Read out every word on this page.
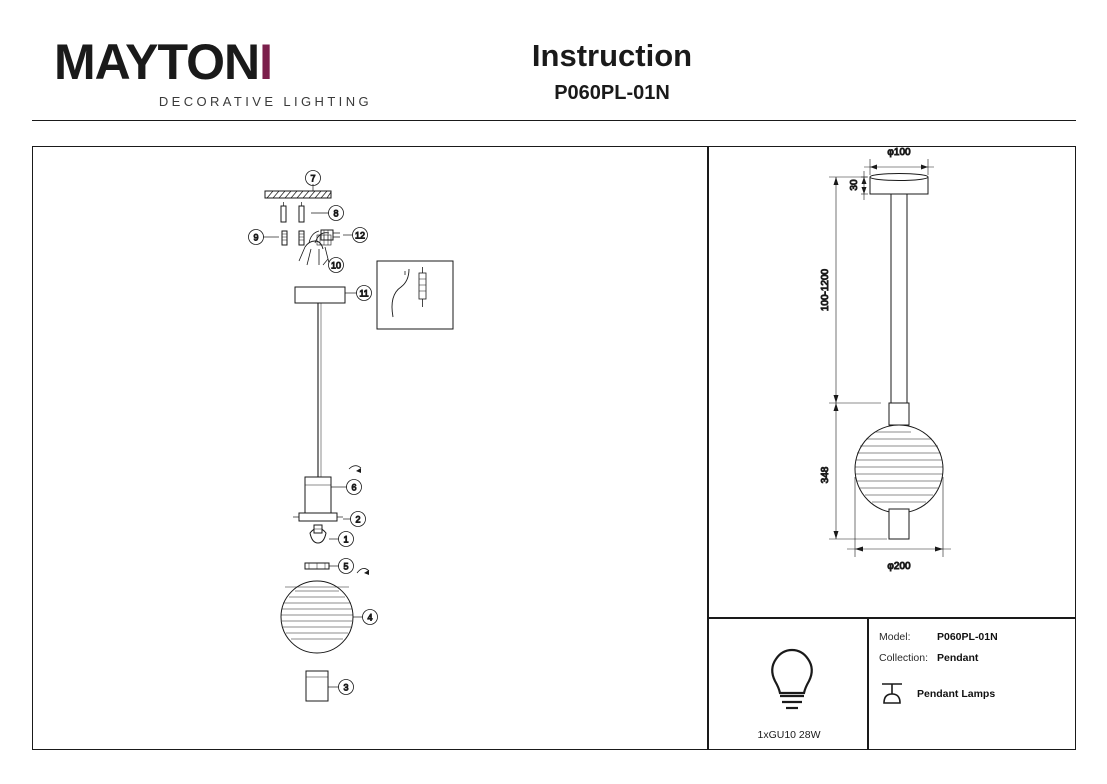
MAYTONI
DECORATIVE LIGHTING
Instruction
P060PL-01N
7
8
9	12
10
11
6
2
1
5
4
3
φ100
30
100-1200
348
φ200
1xGU10 28W
Model:	P060PL-01N
Collection: Pendant
Pendant Lamps
